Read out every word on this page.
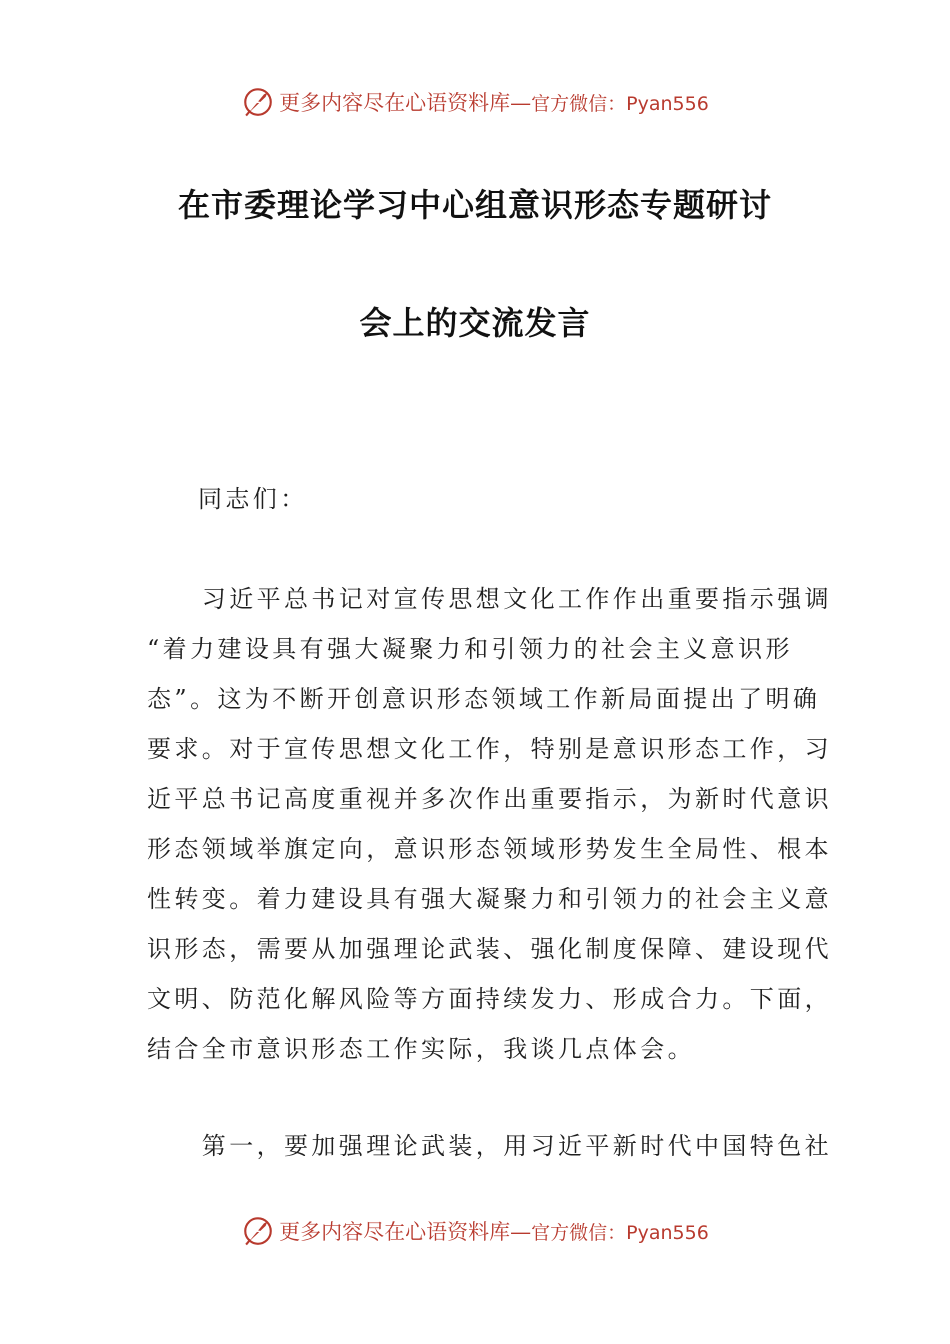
更多内容尽在心语资料库—官方微信：Pyan556
在市委理论学习中心组意识形态专题研讨
会上的交流发言
同志们：
　　习近平总书记对宣传思想文化工作作出重要指示强调
“着力建设具有强大凝聚力和引领力的社会主义意识形
态”。这为不断开创意识形态领域工作新局面提出了明确
要求。对于宣传思想文化工作，特别是意识形态工作，习
近平总书记高度重视并多次作出重要指示，为新时代意识
形态领域举旗定向，意识形态领域形势发生全局性、根本
性转变。着力建设具有强大凝聚力和引领力的社会主义意
识形态，需要从加强理论武装、强化制度保障、建设现代
文明、防范化解风险等方面持续发力、形成合力。下面，
结合全市意识形态工作实际，我谈几点体会。
　　第一，要加强理论武装，用习近平新时代中国特色社
更多内容尽在心语资料库—官方微信：Pyan556
